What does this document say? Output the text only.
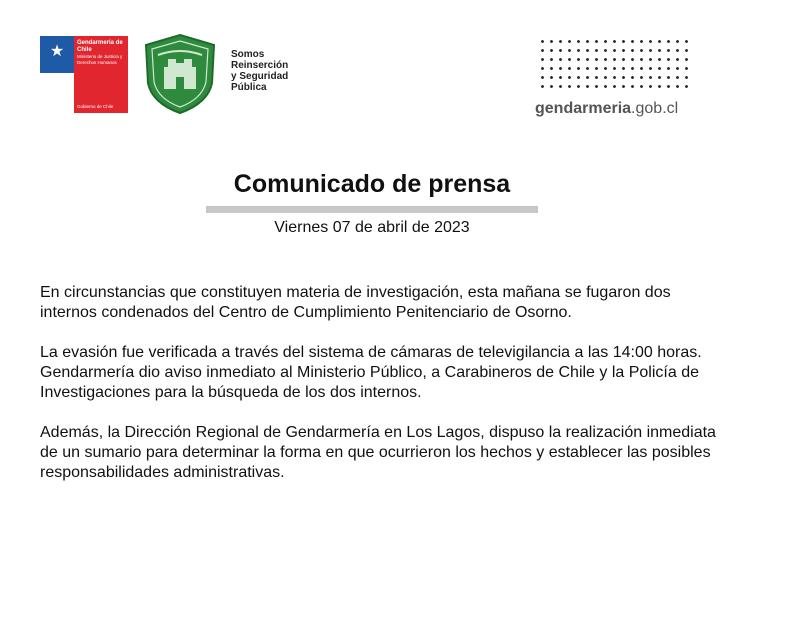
★ Gendarmería de Chile
Ministerio de Justicia y Derechos Humanos
Gobierno de Chile
Somos
Reinserción
y Seguridad
Pública
gendarmeria.gob.cl
Comunicado de prensa
Viernes 07 de abril de 2023

En circunstancias que constituyen materia de investigación, esta mañana se fugaron dos internos condenados del Centro de Cumplimiento Penitenciario de Osorno.

La evasión fue verificada a través del sistema de cámaras de televigilancia a las 14:00 horas. Gendarmería dio aviso inmediato al Ministerio Público, a Carabineros de Chile y la Policía de Investigaciones para la búsqueda de los dos internos.

Además, la Dirección Regional de Gendarmería en Los Lagos, dispuso la realización inmediata de un sumario para determinar la forma en que ocurrieron los hechos y establecer las posibles responsabilidades administrativas.
